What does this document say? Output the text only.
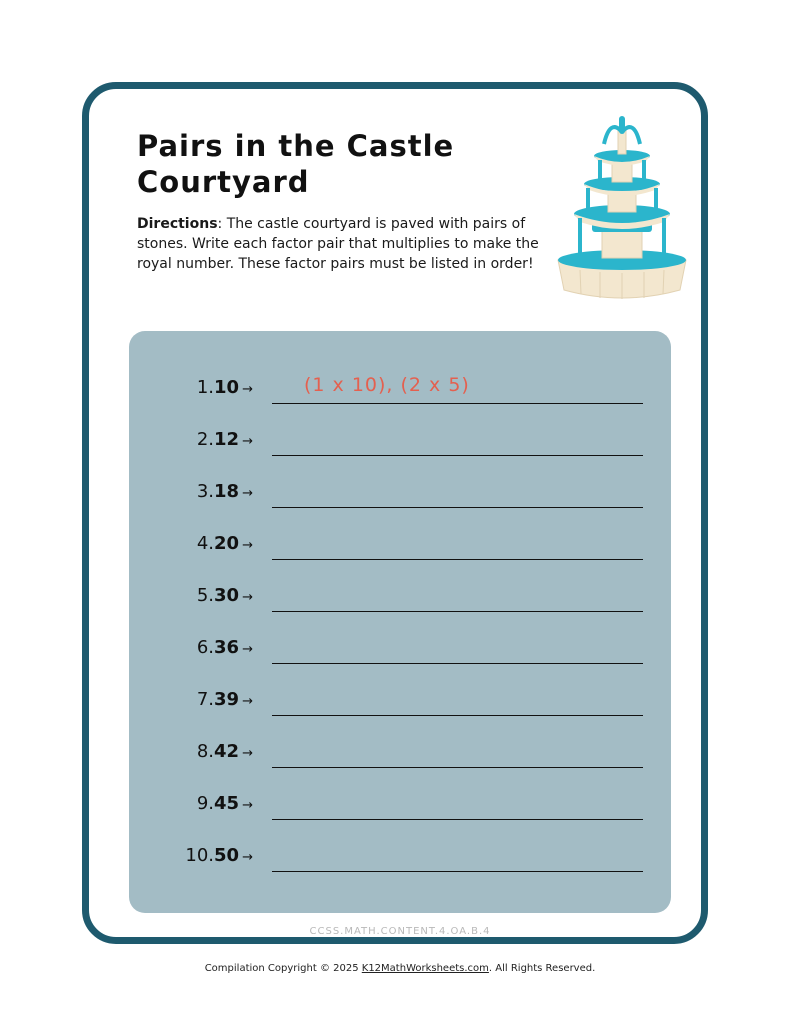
Pairs in the Castle
Courtyard
Directions: The castle courtyard is paved with pairs of stones. Write each factor pair that multiplies to make the royal number. These factor pairs must be listed in order!
1.10 →	(1 x 10), (2 x 5)
2.12 →
3.18 →
4.20 →
5.30 →
6.36 →
7.39 →
8.42 →
9.45 →
10.50 →
CCSS.MATH.CONTENT.4.OA.B.4
Compilation Copyright © 2025 K12MathWorksheets.com. All Rights Reserved.
